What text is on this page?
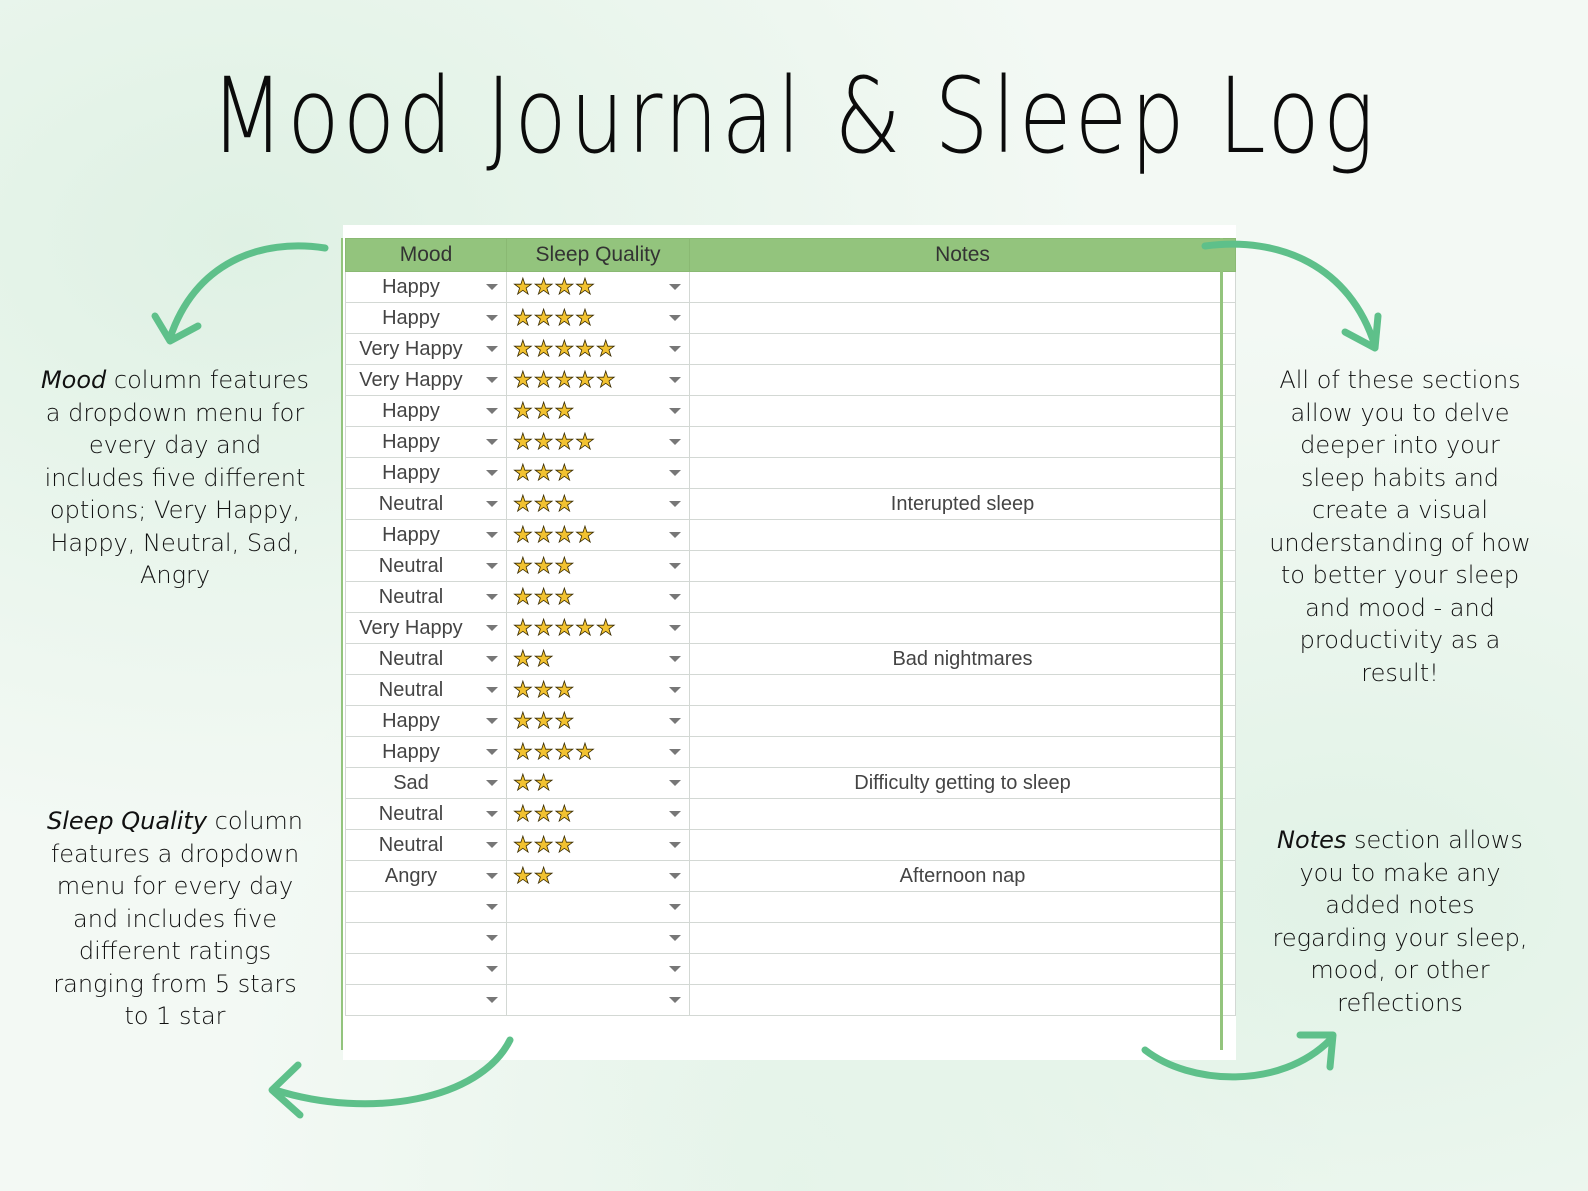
Mood Journal & Sleep Log
Mood	Sleep Quality	Notes

Happy	★★★★	

Happy	★★★★	

Very Happy	★★★★★	

Very Happy	★★★★★	

Happy	★★★	

Happy	★★★★	

Happy	★★★	

Neutral	★★★	Interupted sleep

Happy	★★★★	

Neutral	★★★	

Neutral	★★★	

Very Happy	★★★★★	

Neutral	★★	Bad nightmares

Neutral	★★★	

Happy	★★★	

Happy	★★★★	

Sad	★★	Difficulty getting to sleep

Neutral	★★★	

Neutral	★★★	

Angry	★★	Afternoon nap

Mood column features a dropdown menu for every day and includes five different options; Very Happy, Happy, Neutral, Sad, Angry
Sleep Quality column features a dropdown menu for every day and includes five different ratings ranging from 5 stars to 1 star
All of these sections allow you to delve deeper into your sleep habits and create a visual understanding of how to better your sleep and mood - and productivity as a result!
Notes section allows you to make any added notes regarding your sleep, mood, or other reflections
